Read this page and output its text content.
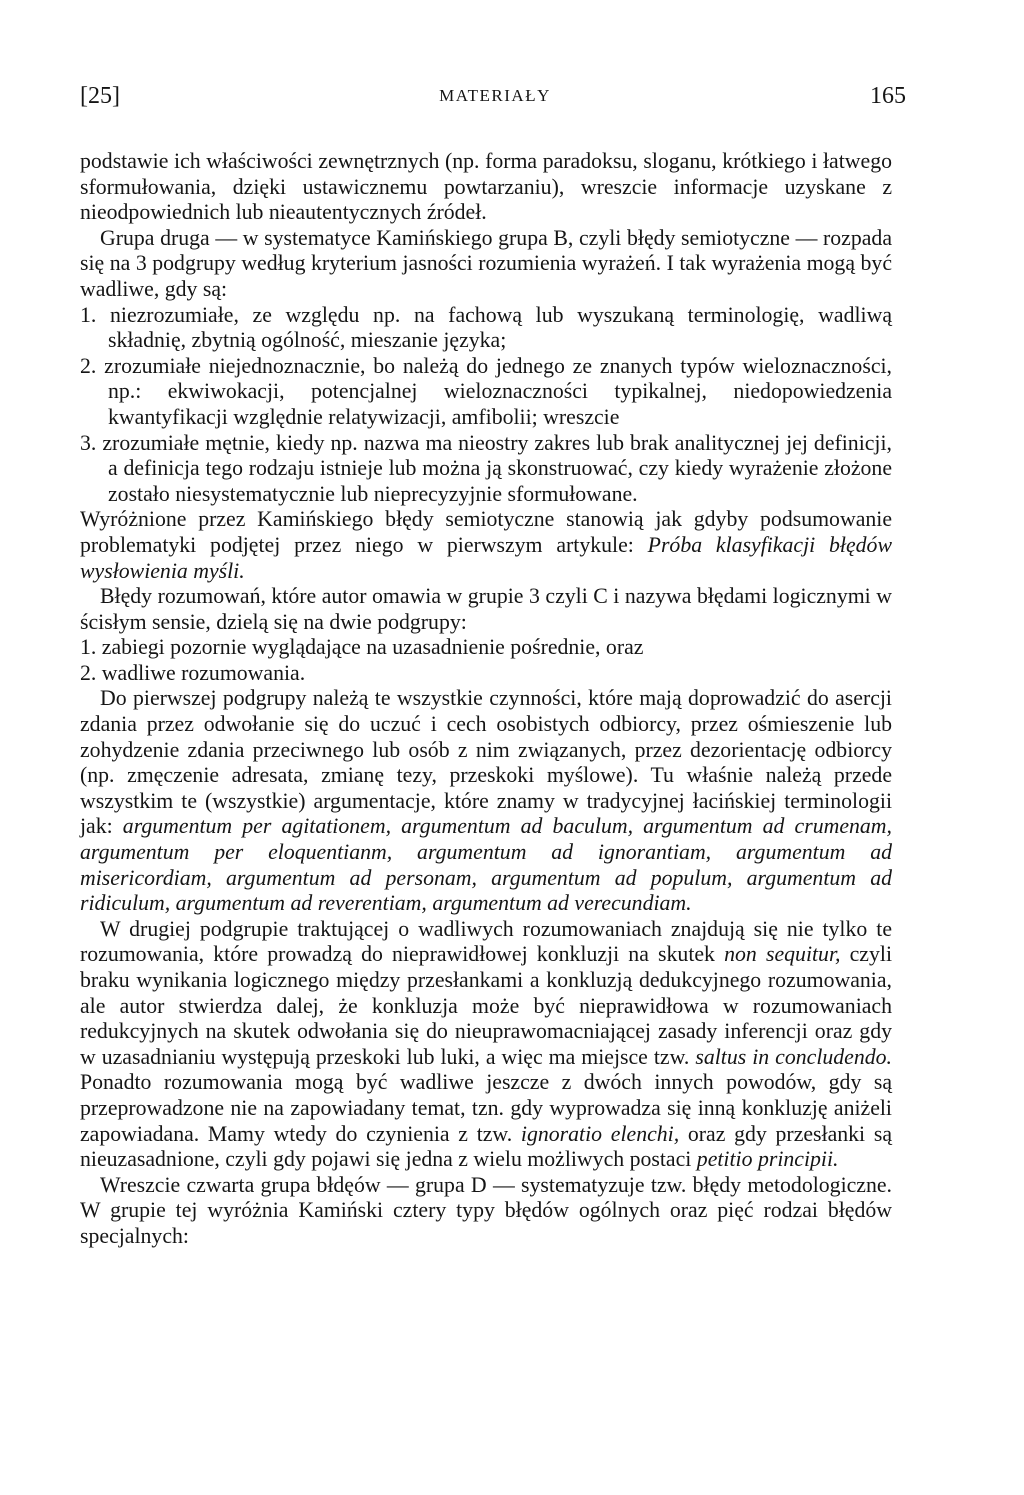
[25]	MATERIAŁY	165

podstawie ich właściwości zewnętrznych (np. forma paradoksu, sloganu, krótkiego i łatwego sformułowania, dzięki ustawicznemu powtarzaniu), wreszcie informacje uzyskane z nieodpowiednich lub nieautentycznych źródeł.

Grupa druga — w systematyce Kamińskiego grupa B, czyli błędy semiotyczne — rozpada się na 3 podgrupy według kryterium jasności rozumienia wyrażeń. I tak wyrażenia mogą być wadliwe, gdy są:

1. niezrozumiałe, ze względu np. na fachową lub wyszukaną terminologię, wadliwą składnię, zbytnią ogólność, mieszanie języka;

2. zrozumiałe niejednoznacznie, bo należą do jednego ze znanych typów wieloznaczności, np.: ekwiwokacji, potencjalnej wieloznaczności typikalnej, niedopowiedzenia kwantyfikacji względnie relatywizacji, amfibolii; wreszcie

3. zrozumiałe mętnie, kiedy np. nazwa ma nieostry zakres lub brak analitycznej jej definicji, a definicja tego rodzaju istnieje lub można ją skonstruować, czy kiedy wyrażenie złożone zostało niesystematycznie lub nieprecyzyjnie sformułowane.

Wyróżnione przez Kamińskiego błędy semiotyczne stanowią jak gdyby podsumowanie problematyki podjętej przez niego w pierwszym artykule: Próba klasyfikacji błędów wysłowienia myśli.

Błędy rozumowań, które autor omawia w grupie 3 czyli C i nazywa błędami logicznymi w ścisłym sensie, dzielą się na dwie podgrupy:

1. zabiegi pozornie wyglądające na uzasadnienie pośrednie, oraz

2. wadliwe rozumowania.

Do pierwszej podgrupy należą te wszystkie czynności, które mają doprowadzić do asercji zdania przez odwołanie się do uczuć i cech osobistych odbiorcy, przez ośmieszenie lub zohydzenie zdania przeciwnego lub osób z nim związanych, przez dezorientację odbiorcy (np. zmęczenie adresata, zmianę tezy, przeskoki myślowe). Tu właśnie należą przede wszystkim te (wszystkie) argumentacje, które znamy w tradycyjnej łacińskiej terminologii jak: argumentum per agitationem, argumentum ad baculum, argumentum ad crumenam, argumentum per eloquentianm, argumentum ad ignorantiam, argumentum ad misericordiam, argumentum ad personam, argumentum ad populum, argumentum ad ridiculum, argumentum ad reverentiam, argumentum ad verecundiam.

W drugiej podgrupie traktującej o wadliwych rozumowaniach znajdują się nie tylko te rozumowania, które prowadzą do nieprawidłowej konkluzji na skutek non sequitur, czyli braku wynikania logicznego między przesłankami a konkluzją dedukcyjnego rozumowania, ale autor stwierdza dalej, że konkluzja może być nieprawidłowa w rozumowaniach redukcyjnych na skutek odwołania się do nieuprawomacniającej zasady inferencji oraz gdy w uzasadnianiu występują przeskoki lub luki, a więc ma miejsce tzw. saltus in concludendo. Ponadto rozumowania mogą być wadliwe jeszcze z dwóch innych powodów, gdy są przeprowadzone nie na zapowiadany temat, tzn. gdy wyprowadza się inną konkluzję aniżeli zapowiadana. Mamy wtedy do czynienia z tzw. ignoratio elenchi, oraz gdy przesłanki są nieuzasadnione, czyli gdy pojawi się jedna z wielu możliwych postaci petitio principii.

Wreszcie czwarta grupa błdęów — grupa D — systematyzuje tzw. błędy metodologiczne. W grupie tej wyróżnia Kamiński cztery typy błędów ogólnych oraz pięć rodzai błędów specjalnych:
